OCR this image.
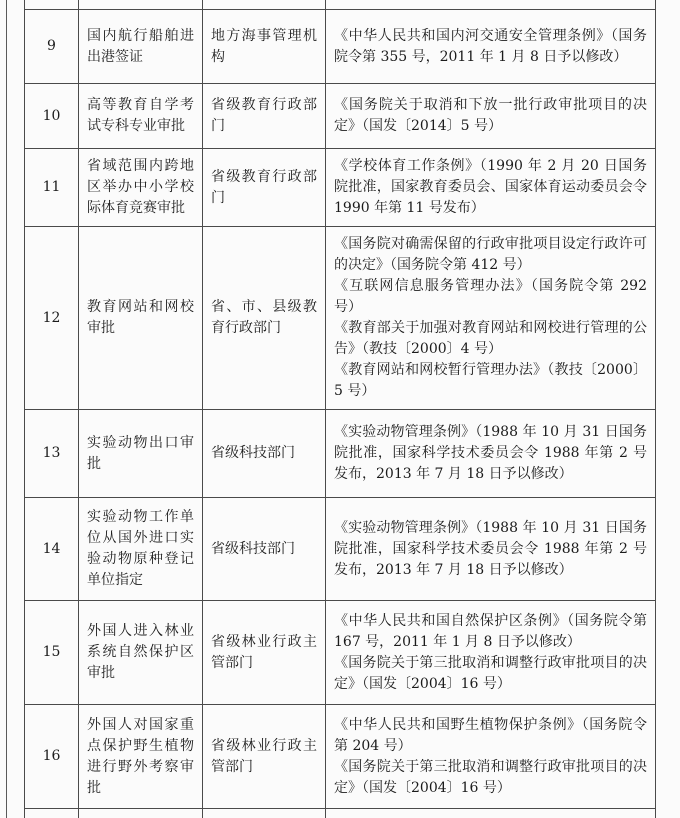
9	国内航行船舶进出港签证	地方海事管理机构	《中华人民共和国内河交通安全管理条例》（国务院令第 355 号，2011 年 1 月 8 日予以修改）

10	高等教育自学考试专科专业审批	省级教育行政部门	《国务院关于取消和下放一批行政审批项目的决定》（国发〔2014〕5 号）

11	省域范围内跨地区举办中小学校际体育竞赛审批	省级教育行政部门	《学校体育工作条例》（1990 年 2 月 20 日国务院批准，国家教育委员会、国家体育运动委员会令 1990 年第 11 号发布）

12	教育网站和网校审批	省、市、县级教育行政部门	《国务院对确需保留的行政审批项目设定行政许可的决定》（国务院令第 412 号）
《互联网信息服务管理办法》（国务院令第 292 号）
《教育部关于加强对教育网站和网校进行管理的公告》（教技〔2000〕4 号）
《教育网站和网校暂行管理办法》（教技〔2000〕5 号）

13	实验动物出口审批	省级科技部门	《实验动物管理条例》（1988 年 10 月 31 日国务院批准，国家科学技术委员会令 1988 年第 2 号发布，2013 年 7 月 18 日予以修改）

14	实验动物工作单位从国外进口实验动物原种登记单位指定	省级科技部门	《实验动物管理条例》（1988 年 10 月 31 日国务院批准，国家科学技术委员会令 1988 年第 2 号发布，2013 年 7 月 18 日予以修改）

15	外国人进入林业系统自然保护区审批	省级林业行政主管部门	《中华人民共和国自然保护区条例》（国务院令第 167 号，2011 年 1 月 8 日予以修改）
《国务院关于第三批取消和调整行政审批项目的决定》（国发〔2004〕16 号）

16	外国人对国家重点保护野生植物进行野外考察审批	省级林业行政主管部门	《中华人民共和国野生植物保护条例》（国务院令第 204 号）
《国务院关于第三批取消和调整行政审批项目的决定》（国发〔2004〕16 号）
